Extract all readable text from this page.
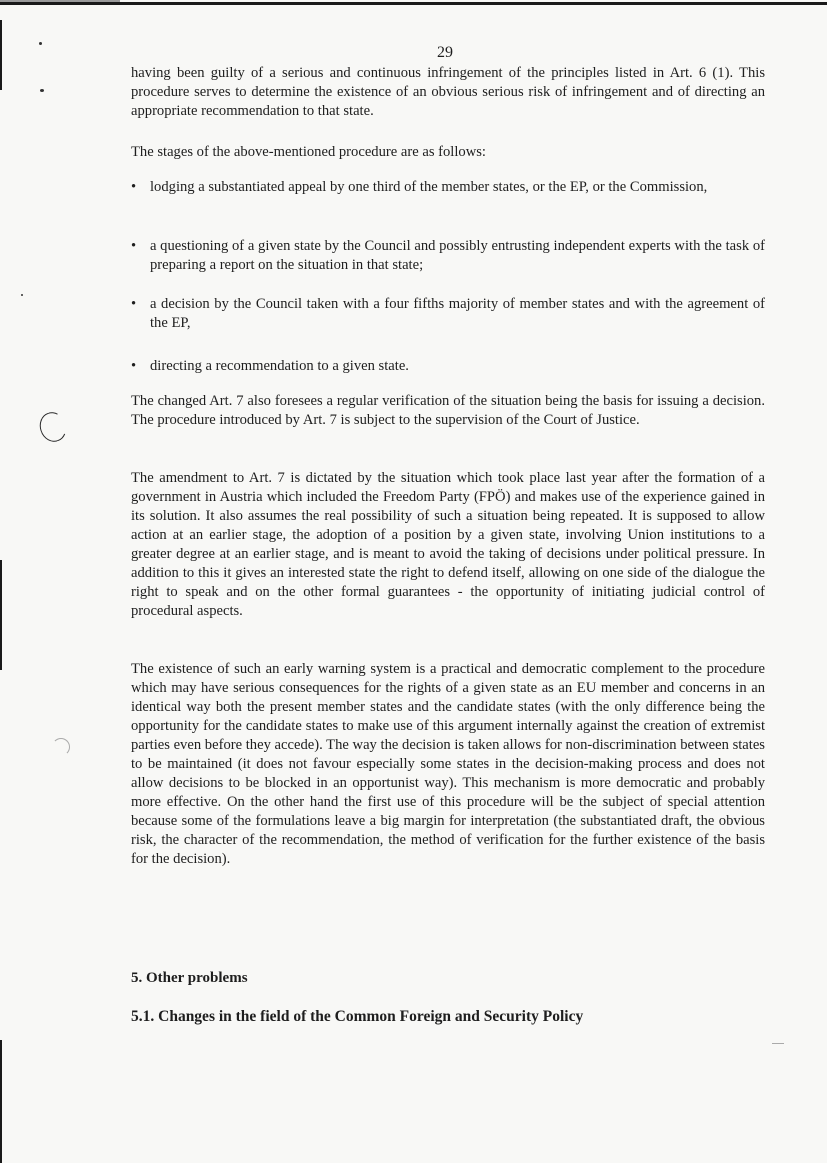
29

having been guilty of a serious and continuous infringement of the principles listed in Art. 6 (1). This procedure serves to determine the existence of an obvious serious risk of infringement and of directing an appropriate recommendation to that state.

The stages of the above-mentioned procedure are as follows:

• lodging a substantiated appeal by one third of the member states, or the EP, or the Commission,

• a questioning of a given state by the Council and possibly entrusting independent experts with the task of preparing a report on the situation in that state;

• a decision by the Council taken with a four fifths majority of member states and with the agreement of the EP,

• directing a recommendation to a given state.

The changed Art. 7 also foresees a regular verification of the situation being the basis for issuing a decision. The procedure introduced by Art. 7 is subject to the supervision of the Court of Justice.

The amendment to Art. 7 is dictated by the situation which took place last year after the formation of a government in Austria which included the Freedom Party (FPÖ) and makes use of the experience gained in its solution. It also assumes the real possibility of such a situation being repeated. It is supposed to allow action at an earlier stage, the adoption of a position by a given state, involving Union institutions to a greater degree at an earlier stage, and is meant to avoid the taking of decisions under political pressure. In addition to this it gives an interested state the right to defend itself, allowing on one side of the dialogue the right to speak and on the other formal guarantees - the opportunity of initiating judicial control of procedural aspects.

The existence of such an early warning system is a practical and democratic complement to the procedure which may have serious consequences for the rights of a given state as an EU member and concerns in an identical way both the present member states and the candidate states (with the only difference being the opportunity for the candidate states to make use of this argument internally against the creation of extremist parties even before they accede). The way the decision is taken allows for non-discrimination between states to be maintained (it does not favour especially some states in the decision-making process and does not allow decisions to be blocked in an opportunist way). This mechanism is more democratic and probably more effective. On the other hand the first use of this procedure will be the subject of special attention because some of the formulations leave a big margin for interpretation (the substantiated draft, the obvious risk, the character of the recommendation, the method of verification for the further existence of the basis for the decision).

5. Other problems
5.1. Changes in the field of the Common Foreign and Security Policy
